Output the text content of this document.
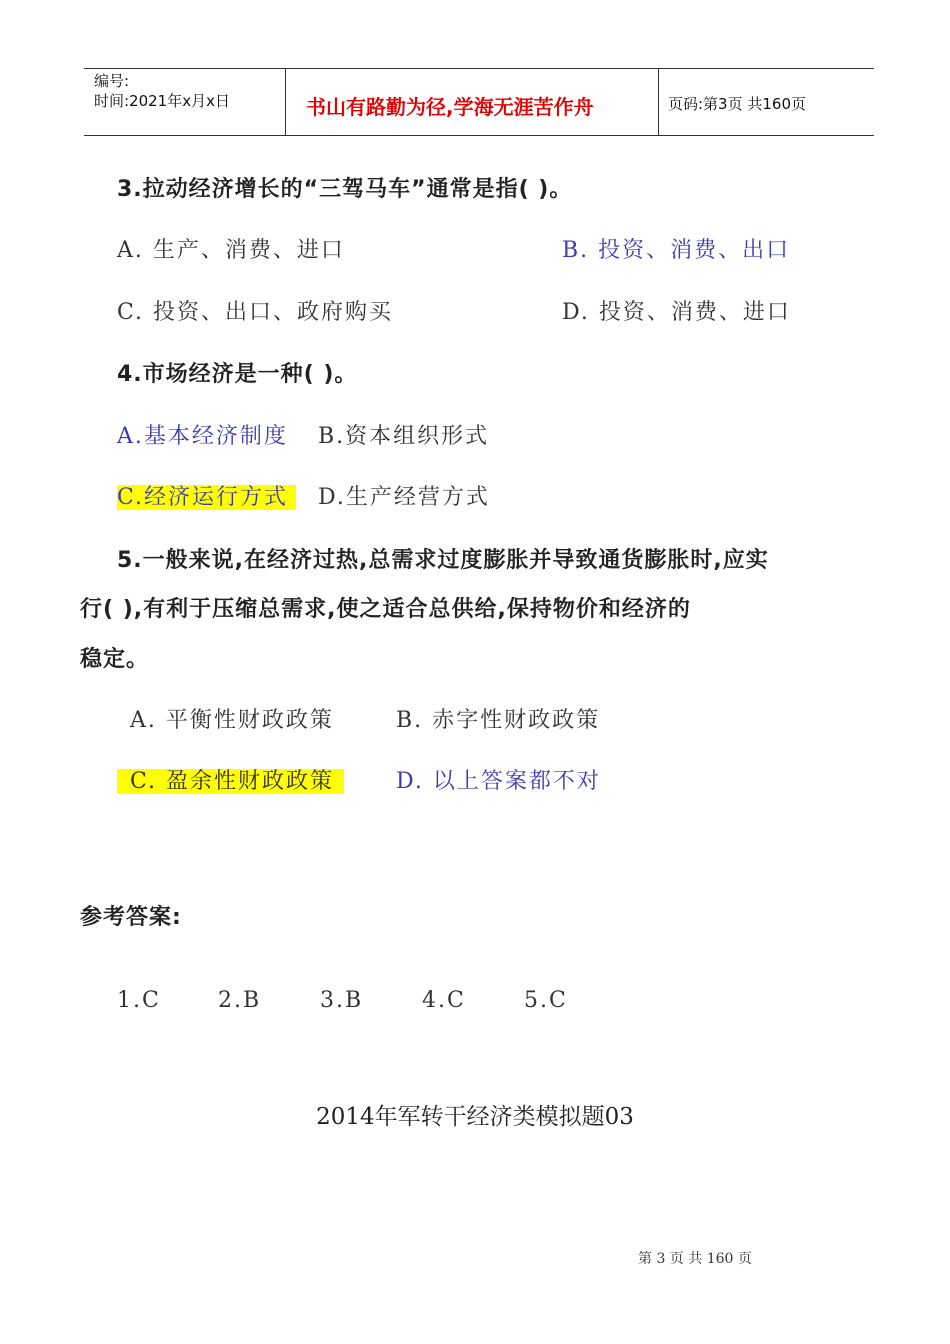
编号:
时间:2021年x月x日	书山有路勤为径,学海无涯苦作舟	页码:第3页 共160页
3.拉动经济增长的“三驾马车”通常是指( )。
A. 生产、消费、进口	B. 投资、消费、出口
C. 投资、出口、政府购买	D. 投资、消费、进口
4.市场经济是一种( )。
A.基本经济制度 B.资本组织形式
C.经济运行方式	D.生产经营方式
5.一般来说,在经济过热,总需求过度膨胀并导致通货膨胀时,应实
行( ),有利于压缩总需求,使之适合总供给,保持物价和经济的
稳定。
A. 平衡性财政政策	B. 赤字性财政政策
C. 盈余性财政政策	D. 以上答案都不对
参考答案:
1.C	2.B	3.B	4.C	5.C
2014年军转干经济类模拟题03
第 3 页 共 160 页
